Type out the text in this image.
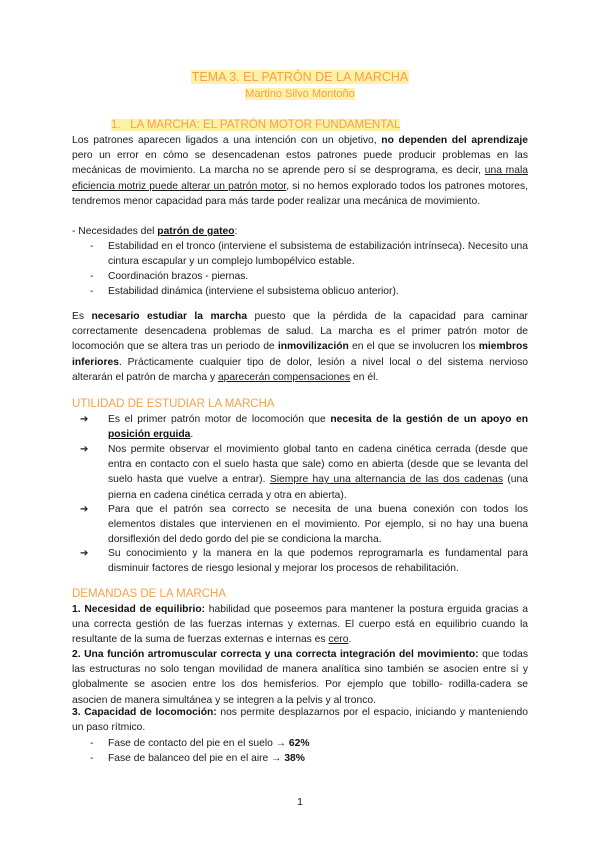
TEMA 3. EL PATRÓN DE LA MARCHA
Martino Silvo Montoño
1. LA MARCHA: EL PATRÓN MOTOR FUNDAMENTAL
Los patrones aparecen ligados a una intención con un objetivo, no dependen del aprendizaje pero un error en cómo se desencadenan estos patrones puede producir problemas en las mecánicas de movimiento. La marcha no se aprende pero sí se desprograma, es decir, una mala eficiencia motriz puede alterar un patrón motor, si no hemos explorado todos los patrones motores, tendremos menor capacidad para más tarde poder realizar una mecánica de movimiento.
- Necesidades del patrón de gateo:
- Estabilidad en el tronco (interviene el subsistema de estabilización intrínseca). Necesito una cintura escapular y un complejo lumbopélvico estable.
- Coordinación brazos - piernas.
- Estabilidad dinámica (interviene el subsistema oblicuo anterior).
Es necesario estudiar la marcha puesto que la pérdida de la capacidad para caminar correctamente desencadena problemas de salud. La marcha es el primer patrón motor de locomoción que se altera tras un periodo de inmovilización en el que se involucren los miembros inferiores. Prácticamente cualquier tipo de dolor, lesión a nivel local o del sistema nervioso alterarán el patrón de marcha y aparecerán compensaciones en él.
UTILIDAD DE ESTUDIAR LA MARCHA
➔ Es el primer patrón motor de locomoción que necesita de la gestión de un apoyo en posición erguida.
➔ Nos permite observar el movimiento global tanto en cadena cinética cerrada (desde que entra en contacto con el suelo hasta que sale) como en abierta (desde que se levanta del suelo hasta que vuelve a entrar). Siempre hay una alternancia de las dos cadenas (una pierna en cadena cinética cerrada y otra en abierta).
➔ Para que el patrón sea correcto se necesita de una buena conexión con todos los elementos distales que intervienen en el movimiento. Por ejemplo, si no hay una buena dorsiflexión del dedo gordo del pie se condiciona la marcha.
➔ Su conocimiento y la manera en la que podemos reprogramarla es fundamental para disminuir factores de riesgo lesional y mejorar los procesos de rehabilitación.
DEMANDAS DE LA MARCHA
1. Necesidad de equilibrio: habilidad que poseemos para mantener la postura erguida gracias a una correcta gestión de las fuerzas internas y externas. El cuerpo está en equilibrio cuando la resultante de la suma de fuerzas externas e internas es cero.
2. Una función artromuscular correcta y una correcta integración del movimiento: que todas las estructuras no solo tengan movilidad de manera analítica sino también se asocien entre sí y globalmente se asocien entre los dos hemisferios. Por ejemplo que tobillo- rodilla-cadera se asocien de manera simultánea y se integren a la pelvis y al tronco.
3. Capacidad de locomoción: nos permite desplazarnos por el espacio, iniciando y manteniendo un paso rítmico.
- Fase de contacto del pie en el suelo → 62%
- Fase de balanceo del pie en el aire → 38%
1
